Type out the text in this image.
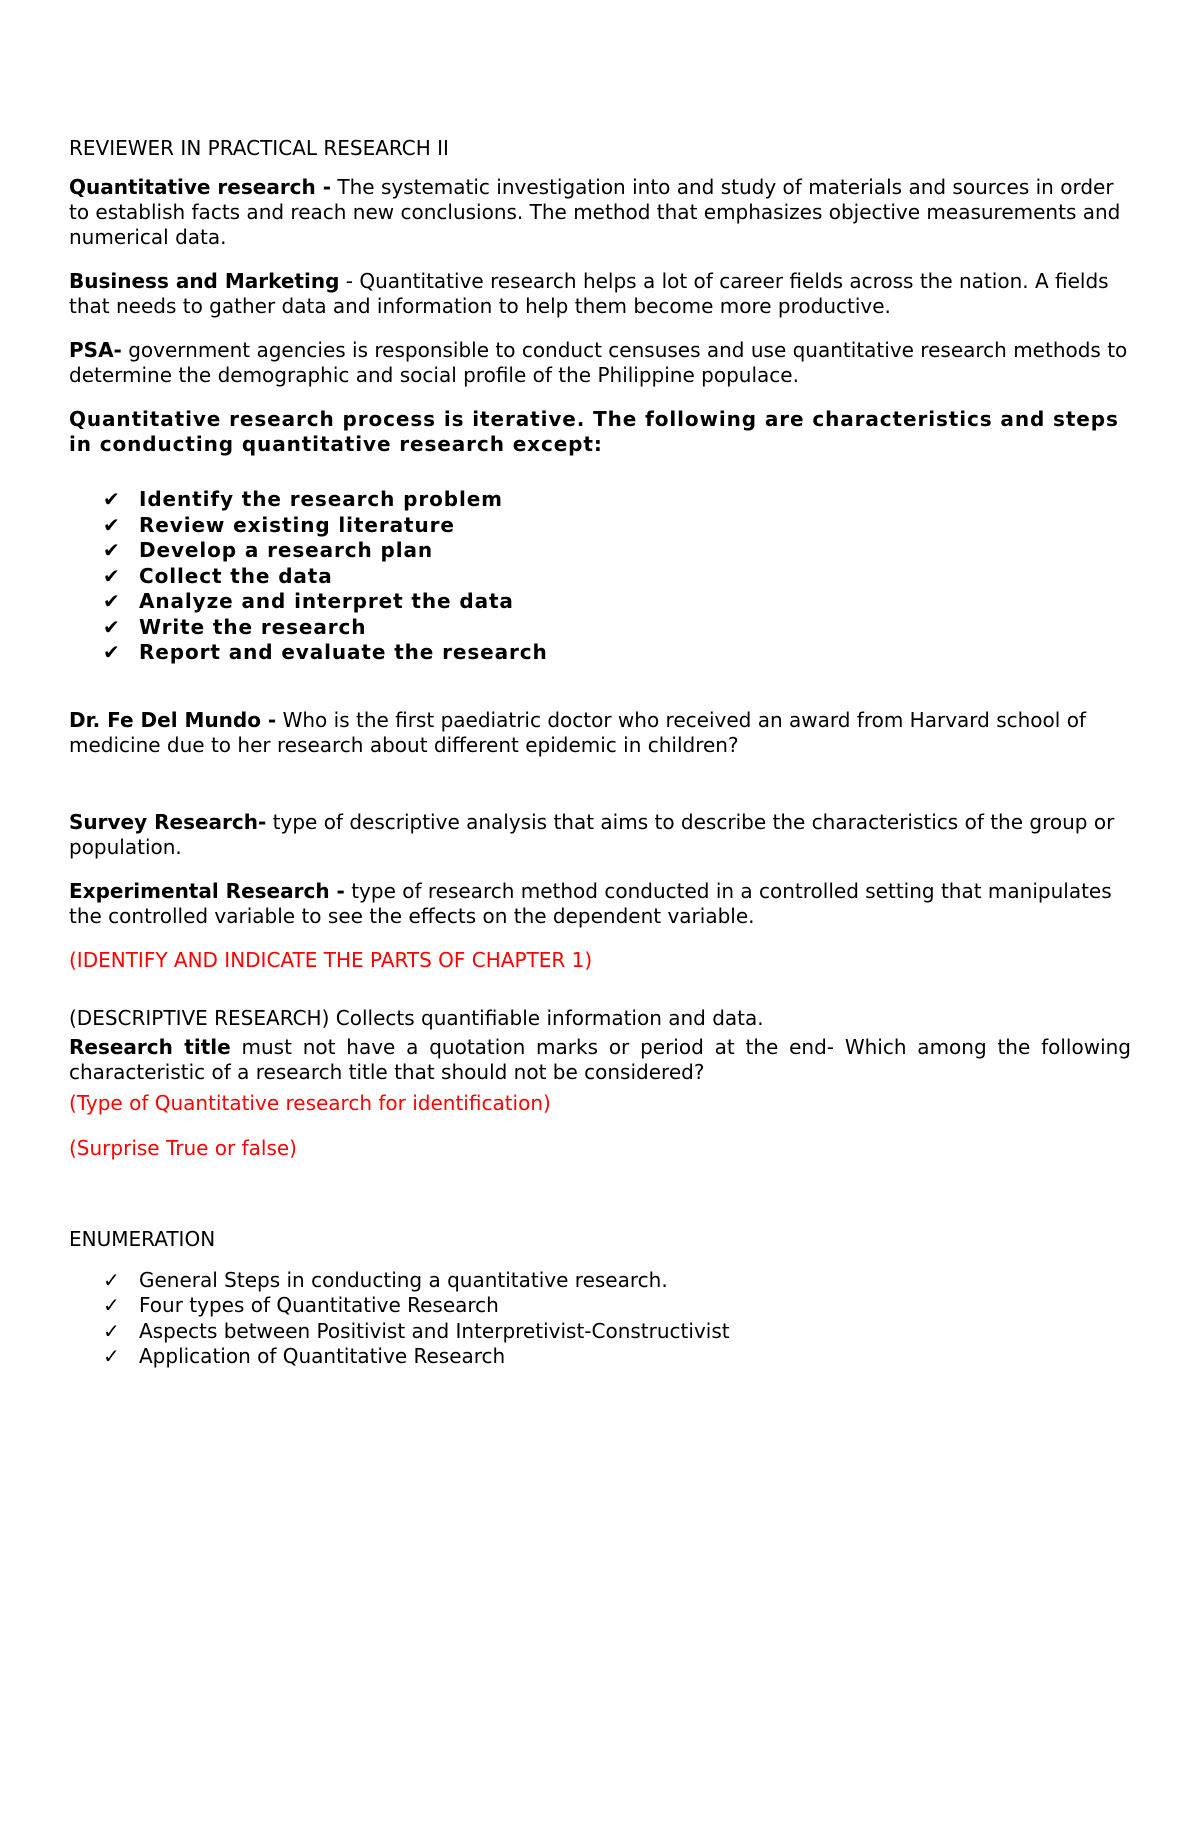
REVIEWER IN PRACTICAL RESEARCH II

Quantitative research - The systematic investigation into and study of materials and sources in order to establish facts and reach new conclusions. The method that emphasizes objective measurements and numerical data.

Business and Marketing - Quantitative research helps a lot of career fields across the nation. A fields that needs to gather data and information to help them become more productive.

PSA- government agencies is responsible to conduct censuses and use quantitative research methods to determine the demographic and social profile of the Philippine populace.

Quantitative research process is iterative. The following are characteristics and steps in conducting quantitative research except:

✔ Identify the research problem
✔ Review existing literature
✔ Develop a research plan
✔ Collect the data
✔ Analyze and interpret the data
✔ Write the research
✔ Report and evaluate the research

Dr. Fe Del Mundo - Who is the first paediatric doctor who received an award from Harvard school of medicine due to her research about different epidemic in children?

Survey Research- type of descriptive analysis that aims to describe the characteristics of the group or population.

Experimental Research - type of research method conducted in a controlled setting that manipulates the controlled variable to see the effects on the dependent variable.

(IDENTIFY AND INDICATE THE PARTS OF CHAPTER 1)

(DESCRIPTIVE RESEARCH) Collects quantifiable information and data.

Research title must not have a quotation marks or period at the end- Which among the following characteristic of a research title that should not be considered?

(Type of Quantitative research for identification)

(Surprise True or false)

ENUMERATION

✓ General Steps in conducting a quantitative research.
✓ Four types of Quantitative Research
✓ Aspects between Positivist and Interpretivist-Constructivist
✓ Application of Quantitative Research
